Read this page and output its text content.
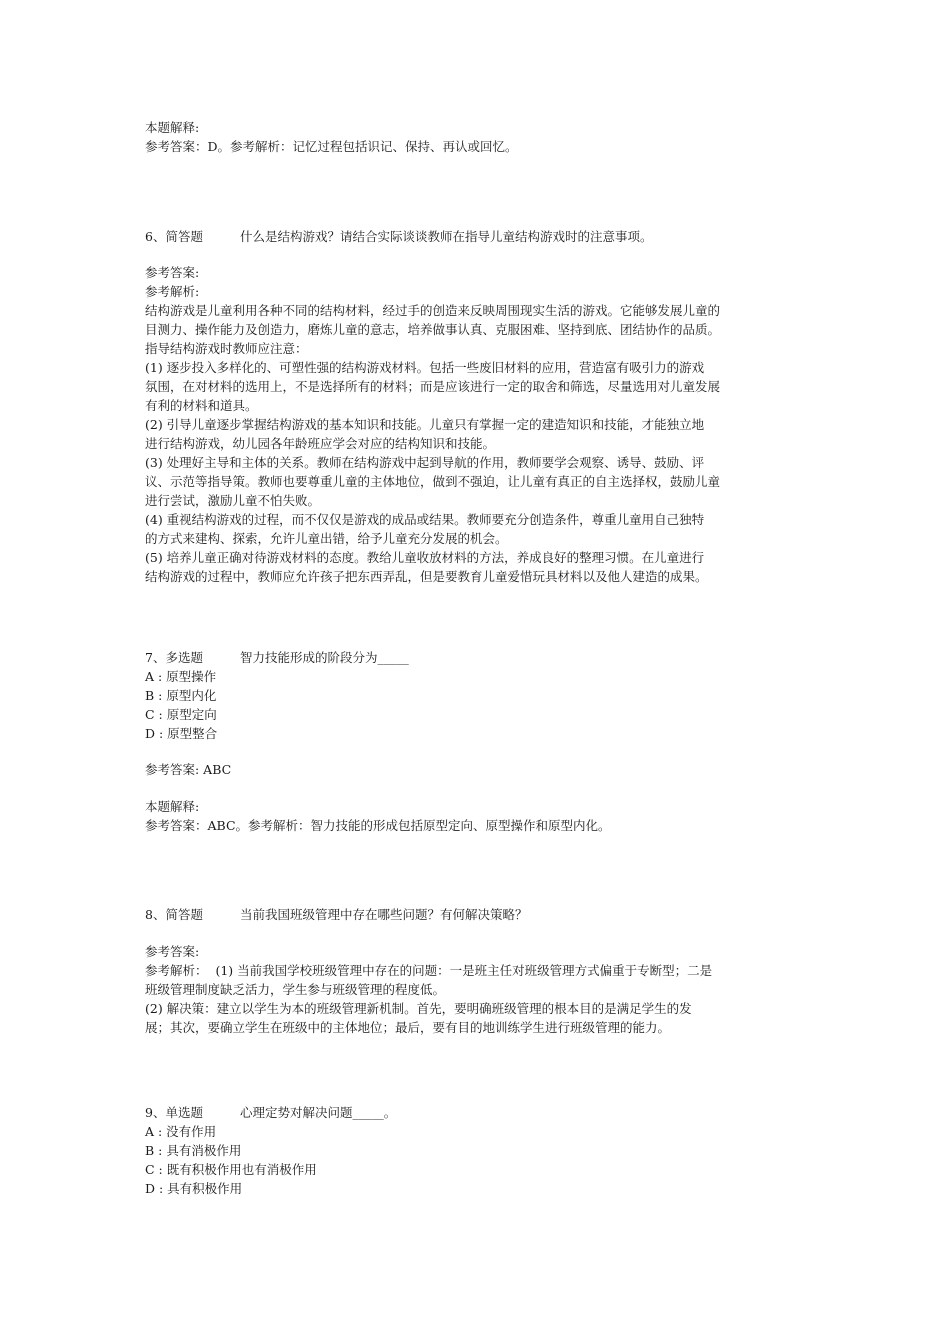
本题解释:
参考答案：D。参考解析：记忆过程包括识记、保持、再认或回忆。
6、简答题	什么是结构游戏？请结合实际谈谈教师在指导儿童结构游戏时的注意事项。
参考答案:
参考解析:
结构游戏是儿童利用各种不同的结构材料，经过手的创造来反映周围现实生活的游戏。它能够发展儿童的
目测力、操作能力及创造力，磨炼儿童的意志，培养做事认真、克服困难、坚持到底、团结协作的品质。
指导结构游戏时教师应注意：
(1) 逐步投入多样化的、可塑性强的结构游戏材料。包括一些废旧材料的应用，营造富有吸引力的游戏
氛围，在对材料的选用上，不是选择所有的材料；而是应该进行一定的取舍和筛选，尽量选用对儿童发展
有利的材料和道具。
(2) 引导儿童逐步掌握结构游戏的基本知识和技能。儿童只有掌握一定的建造知识和技能，才能独立地
进行结构游戏，幼儿园各年龄班应学会对应的结构知识和技能。
(3) 处理好主导和主体的关系。教师在结构游戏中起到导航的作用，教师要学会观察、诱导、鼓励、评
议、示范等指导策。教师也要尊重儿童的主体地位，做到不强迫，让儿童有真正的自主选择权，鼓励儿童
进行尝试，激励儿童不怕失败。
(4) 重视结构游戏的过程，而不仅仅是游戏的成品或结果。教师要充分创造条件，尊重儿童用自己独特
的方式来建构、探索，允许儿童出错，给予儿童充分发展的机会。
(5) 培养儿童正确对待游戏材料的态度。教给儿童收放材料的方法，养成良好的整理习惯。在儿童进行
结构游戏的过程中，教师应允许孩子把东西弄乱，但是要教育儿童爱惜玩具材料以及他人建造的成果。
7、多选题	智力技能形成的阶段分为_____
A : 原型操作
B : 原型内化
C : 原型定向
D : 原型整合
参考答案: ABC
本题解释:
参考答案：ABC。参考解析：智力技能的形成包括原型定向、原型操作和原型内化。
8、简答题	当前我国班级管理中存在哪些问题？有何解决策略？
参考答案:
参考解析：  (1) 当前我国学校班级管理中存在的问题：一是班主任对班级管理方式偏重于专断型；二是
班级管理制度缺乏活力，学生参与班级管理的程度低。
(2) 解决策：建立以学生为本的班级管理新机制。首先，要明确班级管理的根本目的是满足学生的发
展；其次，要确立学生在班级中的主体地位；最后，要有目的地训练学生进行班级管理的能力。
9、单选题	心理定势对解决问题_____。
A : 没有作用
B : 具有消极作用
C : 既有积极作用也有消极作用
D : 具有积极作用
